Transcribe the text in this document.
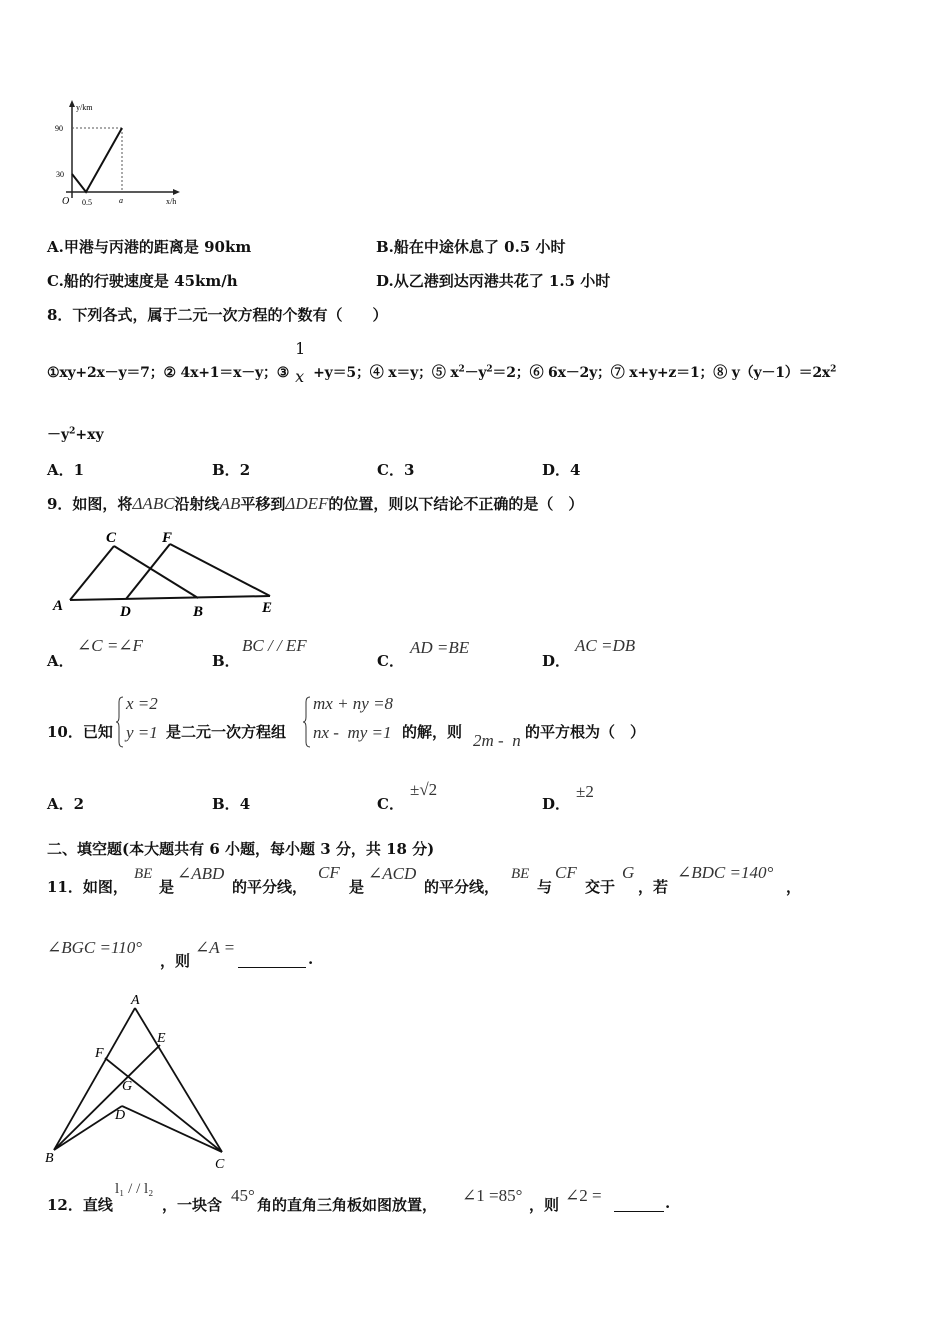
y/km
x/h
O
90
30
0.5	a
A.甲港与丙港的距离是 90km	B.船在中途休息了 0.5 小时
C.船的行驶速度是 45km/h	D.从乙港到达丙港共花了 1.5 小时
8．下列各式，属于二元一次方程的个数有（　　）
①xy+2x－y＝7；② 4x+1＝x－y；③
1
x +y＝5；④ x＝y；⑤ $x^2-y^2=2$；⑥ 6x－2y；⑦ x+y+z＝1；⑧ $y(y-1)=2x^2$
$-y^2+xy$
A．1	B．2	C．3	D．4
9．如图，将ΔABC沿射线AB平移到ΔDEF的位置，则以下结论不正确的是（　）
A
C	F
D	B	E
A．
∠C =∠F
B．
BC / / EF
C．
AD =BE
D．
AC =DB
10．已知
x =2
y =1 是二元一次方程组
mx + ny =8
nx -  my =1 的解，则 2m -  n 的平方根为（　）
A．2	B．4	C．
±√2
D．
±2
二、填空题(本大题共有 6 小题，每小题 3 分，共 18 分)
11．如图，
BE
是
∠ABD
的平分线，
CF
是
∠ACD
的平分线，
BE
与
CF
交于
G
，若
∠BDC =140°
，
∠BGC =110°
，则
∠A =
.
A
E
F
G
D
B	C
12．直线
l₁ / / l₂
，一块含 45° 角的直角三角板如图放置， ∠1 =85° ，则 ∠2 =	.
